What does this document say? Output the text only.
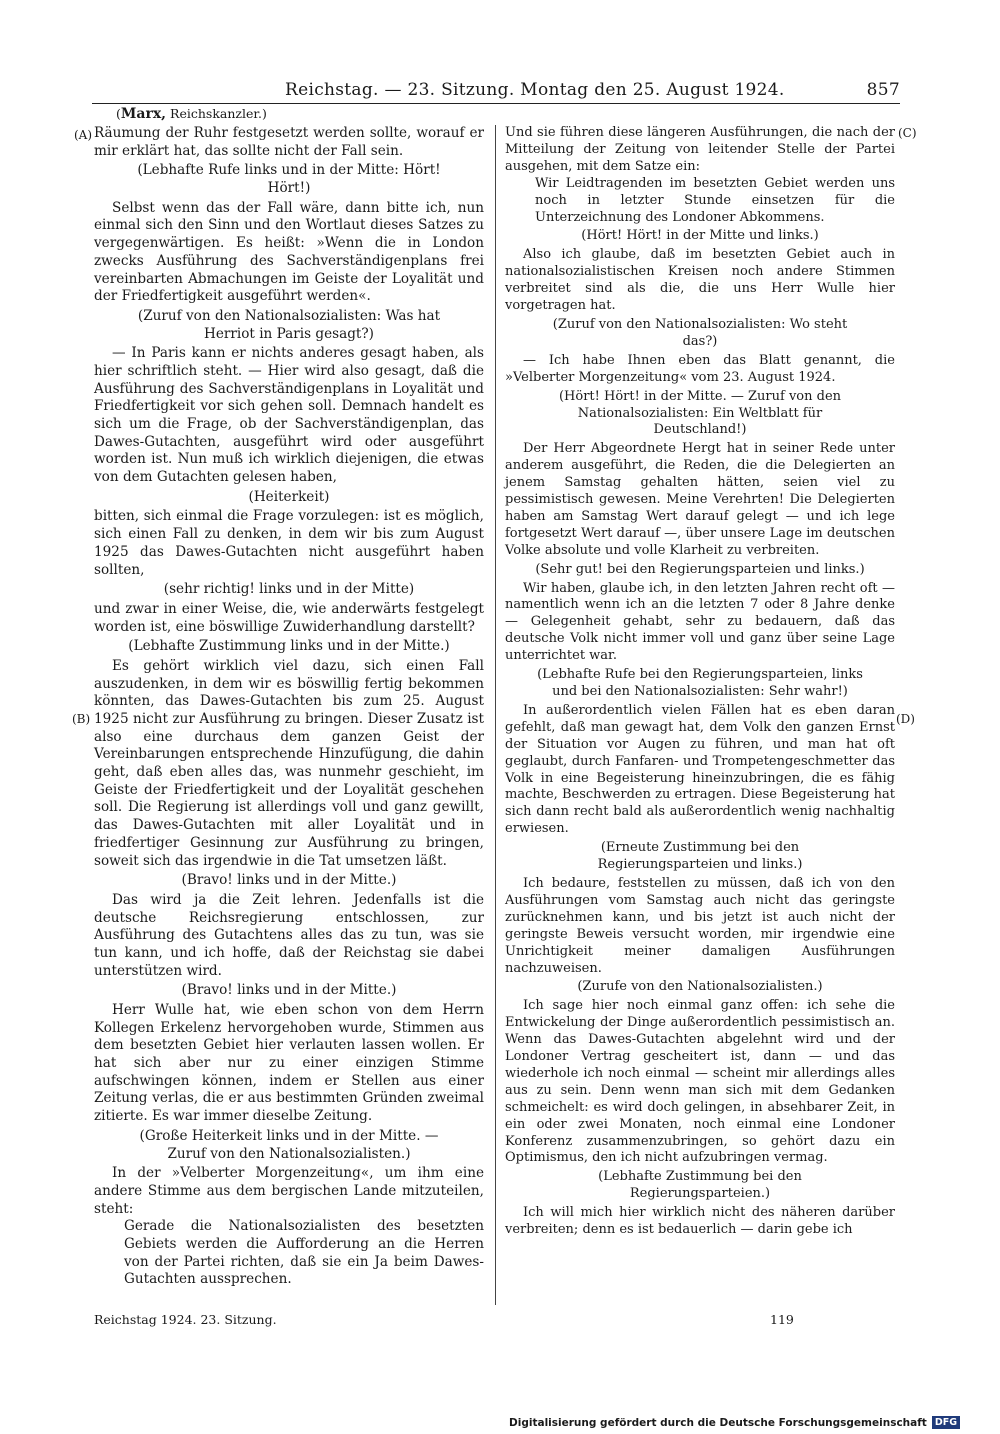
Reichstag. — 23. Sitzung. Montag den 25. August 1924.	857
(Marx, Reichskanzler.)
(A)
(B)
(C)
(D)

Räumung der Ruhr festgesetzt werden sollte, worauf er mir erklärt hat, das sollte nicht der Fall sein.

(Lebhafte Rufe links und in der Mitte: Hört! Hört!)

Selbst wenn das der Fall wäre, dann bitte ich, nun einmal sich den Sinn und den Wortlaut dieses Satzes zu vergegenwärtigen. Es heißt: »Wenn die in London zwecks Ausführung des Sachverständigenplans frei vereinbarten Abmachungen im Geiste der Loyalität und der Friedfertigkeit ausgeführt werden«.

(Zuruf von den Nationalsozialisten: Was hat Herriot in Paris gesagt?)

— In Paris kann er nichts anderes gesagt haben, als hier schriftlich steht. — Hier wird also gesagt, daß die Ausführung des Sachverständigenplans in Loyalität und Friedfertigkeit vor sich gehen soll. Demnach handelt es sich um die Frage, ob der Sachverständigenplan, das Dawes-Gutachten, ausgeführt wird oder ausgeführt worden ist. Nun muß ich wirklich diejenigen, die etwas von dem Gutachten gelesen haben,

(Heiterkeit)

bitten, sich einmal die Frage vorzulegen: ist es möglich, sich einen Fall zu denken, in dem wir bis zum August 1925 das Dawes-Gutachten nicht ausgeführt haben sollten,

(sehr richtig! links und in der Mitte)

und zwar in einer Weise, die, wie anderwärts festgelegt worden ist, eine böswillige Zuwiderhandlung darstellt?

(Lebhafte Zustimmung links und in der Mitte.)

Es gehört wirklich viel dazu, sich einen Fall auszudenken, in dem wir es böswillig fertig bekommen könnten, das Dawes-Gutachten bis zum 25. August 1925 nicht zur Ausführung zu bringen. Dieser Zusatz ist also eine durchaus dem ganzen Geist der Vereinbarungen entsprechende Hinzufügung, die dahin geht, daß eben alles das, was nunmehr geschieht, im Geiste der Friedfertigkeit und der Loyalität geschehen soll. Die Regierung ist allerdings voll und ganz gewillt, das Dawes-Gutachten mit aller Loyalität und in friedfertiger Gesinnung zur Ausführung zu bringen, soweit sich das irgendwie in die Tat umsetzen läßt.

(Bravo! links und in der Mitte.)

Das wird ja die Zeit lehren. Jedenfalls ist die deutsche Reichsregierung entschlossen, zur Ausführung des Gutachtens alles das zu tun, was sie tun kann, und ich hoffe, daß der Reichstag sie dabei unterstützen wird.

(Bravo! links und in der Mitte.)

Herr Wulle hat, wie eben schon von dem Herrn Kollegen Erkelenz hervorgehoben wurde, Stimmen aus dem besetzten Gebiet hier verlauten lassen wollen. Er hat sich aber nur zu einer einzigen Stimme aufschwingen können, indem er Stellen aus einer Zeitung verlas, die er aus bestimmten Gründen zweimal zitierte. Es war immer dieselbe Zeitung.

(Große Heiterkeit links und in der Mitte. — Zuruf von den Nationalsozialisten.)

In der »Velberter Morgenzeitung«, um ihm eine andere Stimme aus dem bergischen Lande mitzuteilen, steht:

Gerade die Nationalsozialisten des besetzten Gebiets werden die Aufforderung an die Herren von der Partei richten, daß sie ein Ja beim Dawes-Gutachten aussprechen.

Und sie führen diese längeren Ausführungen, die nach der Mitteilung der Zeitung von leitender Stelle der Partei ausgehen, mit dem Satze ein:

Wir Leidtragenden im besetzten Gebiet werden uns noch in letzter Stunde einsetzen für die Unterzeichnung des Londoner Abkommens.

(Hört! Hört! in der Mitte und links.)

Also ich glaube, daß im besetzten Gebiet auch in nationalsozialistischen Kreisen noch andere Stimmen verbreitet sind als die, die uns Herr Wulle hier vorgetragen hat.

(Zuruf von den Nationalsozialisten: Wo steht das?)

— Ich habe Ihnen eben das Blatt genannt, die »Velberter Morgenzeitung« vom 23. August 1924.

(Hört! Hört! in der Mitte. — Zuruf von den Nationalsozialisten: Ein Weltblatt für Deutschland!)

Der Herr Abgeordnete Hergt hat in seiner Rede unter anderem ausgeführt, die Reden, die die Delegierten an jenem Samstag gehalten hätten, seien viel zu pessimistisch gewesen. Meine Verehrten! Die Delegierten haben am Samstag Wert darauf gelegt — und ich lege fortgesetzt Wert darauf —, über unsere Lage im deutschen Volke absolute und volle Klarheit zu verbreiten.

(Sehr gut! bei den Regierungsparteien und links.)

Wir haben, glaube ich, in den letzten Jahren recht oft — namentlich wenn ich an die letzten 7 oder 8 Jahre denke — Gelegenheit gehabt, sehr zu bedauern, daß das deutsche Volk nicht immer voll und ganz über seine Lage unterrichtet war.

(Lebhafte Rufe bei den Regierungsparteien, links und bei den Nationalsozialisten: Sehr wahr!)

In außerordentlich vielen Fällen hat es eben daran gefehlt, daß man gewagt hat, dem Volk den ganzen Ernst der Situation vor Augen zu führen, und man hat oft geglaubt, durch Fanfaren- und Trompetengeschmetter das Volk in eine Begeisterung hineinzubringen, die es fähig machte, Beschwerden zu ertragen. Diese Begeisterung hat sich dann recht bald als außerordentlich wenig nachhaltig erwiesen.

(Erneute Zustimmung bei den Regierungsparteien und links.)

Ich bedaure, feststellen zu müssen, daß ich von den Ausführungen vom Samstag auch nicht das geringste zurücknehmen kann, und bis jetzt ist auch nicht der geringste Beweis versucht worden, mir irgendwie eine Unrichtigkeit meiner damaligen Ausführungen nachzuweisen.

(Zurufe von den Nationalsozialisten.)

Ich sage hier noch einmal ganz offen: ich sehe die Entwickelung der Dinge außerordentlich pessimistisch an. Wenn das Dawes-Gutachten abgelehnt wird und der Londoner Vertrag gescheitert ist, dann — und das wiederhole ich noch einmal — scheint mir allerdings alles aus zu sein. Denn wenn man sich mit dem Gedanken schmeichelt: es wird doch gelingen, in absehbarer Zeit, in ein oder zwei Monaten, noch einmal eine Londoner Konferenz zusammenzubringen, so gehört dazu ein Optimismus, den ich nicht aufzubringen vermag.

(Lebhafte Zustimmung bei den Regierungsparteien.)

Ich will mich hier wirklich nicht des näheren darüber verbreiten; denn es ist bedauerlich — darin gebe ich

Reichstag 1924. 23. Sitzung.	119
Digitalisierung gefördert durch die Deutsche Forschungsgemeinschaft DFG
